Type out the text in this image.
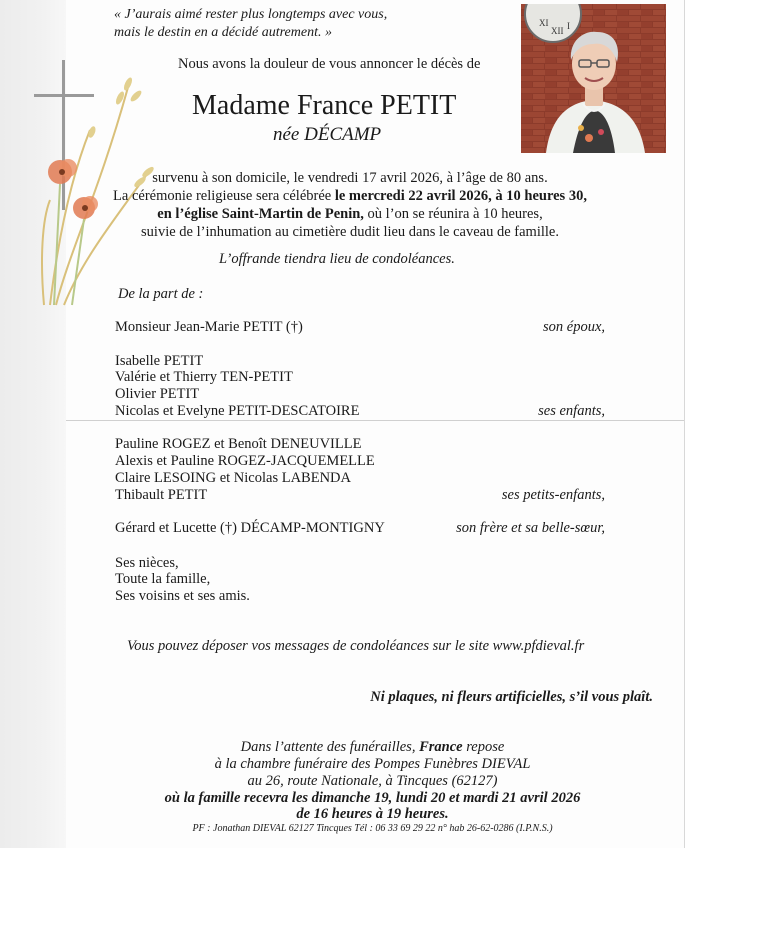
« J’aurais aimé rester plus longtemps avec vous,
mais le destin en a décidé autrement. »
Nous avons la douleur de vous annoncer le décès de
Madame France PETIT
née DÉCAMP
XI
XII I
survenu à son domicile, le vendredi 17 avril 2026, à l’âge de 80 ans.
La cérémonie religieuse sera célébrée le mercredi 22 avril 2026, à 10 heures 30,
en l’église Saint-Martin de Penin, où l’on se réunira à 10 heures,
suivie de l’inhumation au cimetière dudit lieu dans le caveau de famille.
L’offrande tiendra lieu de condoléances.
De la part de :
Monsieur Jean-Marie PETIT (†)	son époux,
Isabelle PETIT
Valérie et Thierry TEN-PETIT
Olivier PETIT
Nicolas et Evelyne PETIT-DESCATOIRE	ses enfants,
Pauline ROGEZ et Benoît DENEUVILLE
Alexis et Pauline ROGEZ-JACQUEMELLE
Claire LESOING et Nicolas LABENDA
Thibault PETIT	ses petits-enfants,
Gérard et Lucette (†) DÉCAMP-MONTIGNY	son frère et sa belle-sœur,
Ses nièces,
Toute la famille,
Ses voisins et ses amis.
Vous pouvez déposer vos messages de condoléances sur le site www.pfdieval.fr
Ni plaques, ni fleurs artificielles, s’il vous plaît.
Dans l’attente des funérailles, France repose
à la chambre funéraire des Pompes Funèbres DIEVAL
au 26, route Nationale, à Tincques (62127)
où la famille recevra les dimanche 19, lundi 20 et mardi 21 avril 2026
de 16 heures à 19 heures.
PF : Jonathan DIEVAL 62127 Tincques Tél : 06 33 69 29 22 n° hab 26-62-0286 (I.P.N.S.)
